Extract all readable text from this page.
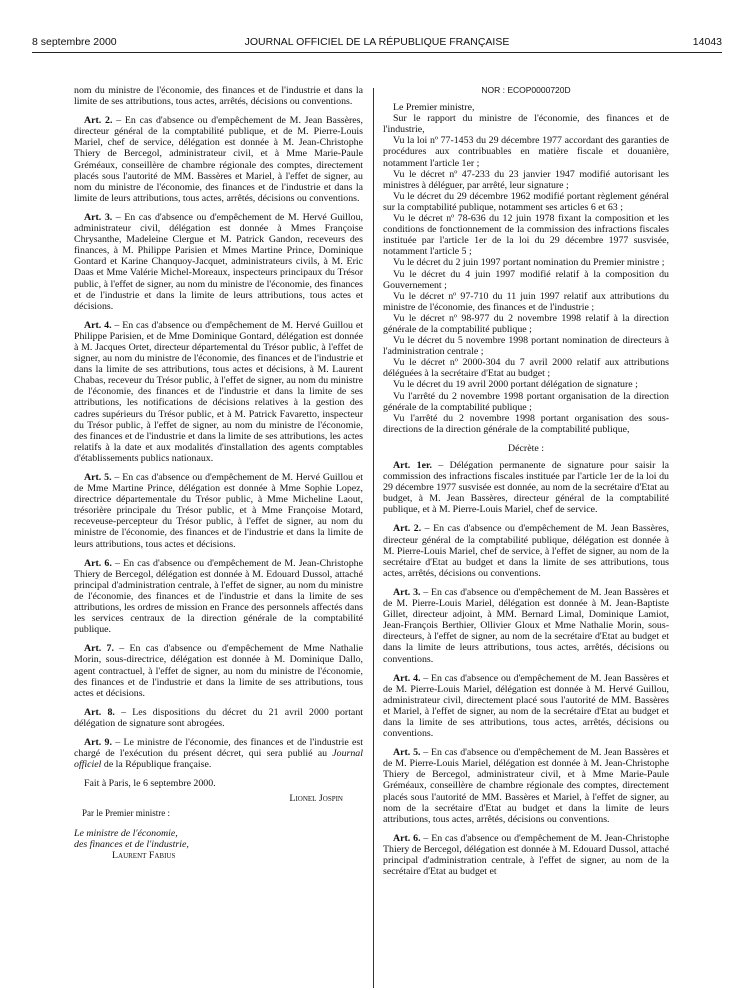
8 septembre 2000	JOURNAL OFFICIEL DE LA RÉPUBLIQUE FRANÇAISE	14043

nom du ministre de l'économie, des finances et de l'industrie et dans la limite de ses attributions, tous actes, arrêtés, décisions ou conventions.

Art. 2. – En cas d'absence ou d'empêchement de M. Jean Bassères, directeur général de la comptabilité publique, et de M. Pierre-Louis Mariel, chef de service, délégation est donnée à M. Jean-Christophe Thiery de Bercegol, administrateur civil, et à Mme Marie-Paule Gréméaux, conseillère de chambre régionale des comptes, directement placés sous l'autorité de MM. Bassères et Mariel, à l'effet de signer, au nom du ministre de l'économie, des finances et de l'industrie et dans la limite de leurs attributions, tous actes, arrêtés, décisions ou conventions.

Art. 3. – En cas d'absence ou d'empêchement de M. Hervé Guillou, administrateur civil, délégation est donnée à Mmes Françoise Chrysanthe, Madeleine Clergue et M. Patrick Gandon, receveurs des finances, à M. Philippe Parisien et Mmes Martine Prince, Dominique Gontard et Karine Chanquoy-Jacquet, administrateurs civils, à M. Eric Daas et Mme Valérie Michel-Moreaux, inspecteurs principaux du Trésor public, à l'effet de signer, au nom du ministre de l'économie, des finances et de l'industrie et dans la limite de leurs attributions, tous actes et décisions.

Art. 4. – En cas d'absence ou d'empêchement de M. Hervé Guillou et Philippe Parisien, et de Mme Dominique Gontard, délégation est donnée à M. Jacques Ortet, directeur départemental du Trésor public, à l'effet de signer, au nom du ministre de l'économie, des finances et de l'industrie et dans la limite de ses attributions, tous actes et décisions, à M. Laurent Chabas, receveur du Trésor public, à l'effet de signer, au nom du ministre de l'économie, des finances et de l'industrie et dans la limite de ses attributions, les notifications de décisions relatives à la gestion des cadres supérieurs du Trésor public, et à M. Patrick Favaretto, inspecteur du Trésor public, à l'effet de signer, au nom du ministre de l'économie, des finances et de l'industrie et dans la limite de ses attributions, les actes relatifs à la date et aux modalités d'installation des agents comptables d'établissements publics nationaux.

Art. 5. – En cas d'absence ou d'empêchement de M. Hervé Guillou et de Mme Martine Prince, délégation est donnée à Mme Sophie Lopez, directrice départementale du Trésor public, à Mme Micheline Laout, trésorière principale du Trésor public, et à Mme Françoise Motard, receveuse-percepteur du Trésor public, à l'effet de signer, au nom du ministre de l'économie, des finances et de l'industrie et dans la limite de leurs attributions, tous actes et décisions.

Art. 6. – En cas d'absence ou d'empêchement de M. Jean-Christophe Thiery de Bercegol, délégation est donnée à M. Edouard Dussol, attaché principal d'administration centrale, à l'effet de signer, au nom du ministre de l'économie, des finances et de l'industrie et dans la limite de ses attributions, les ordres de mission en France des personnels affectés dans les services centraux de la direction générale de la comptabilité publique.

Art. 7. – En cas d'absence ou d'empêchement de Mme Nathalie Morin, sous-directrice, délégation est donnée à M. Dominique Dallo, agent contractuel, à l'effet de signer, au nom du ministre de l'économie, des finances et de l'industrie et dans la limite de ses attributions, tous actes et décisions.

Art. 8. – Les dispositions du décret du 21 avril 2000 portant délégation de signature sont abrogées.

Art. 9. – Le ministre de l'économie, des finances et de l'industrie est chargé de l'exécution du présent décret, qui sera publié au Journal officiel de la République française.

Fait à Paris, le 6 septembre 2000.

Lionel Jospin

Par le Premier ministre :

Le ministre de l'économie,

des finances et de l'industrie,

Laurent Fabius

NOR : ECOP0000720D

Le Premier ministre,

Sur le rapport du ministre de l'économie, des finances et de l'industrie,

Vu la loi nº 77-1453 du 29 décembre 1977 accordant des garanties de procédures aux contribuables en matière fiscale et douanière, notamment l'article 1er ;

Vu le décret nº 47-233 du 23 janvier 1947 modifié autorisant les ministres à déléguer, par arrêté, leur signature ;

Vu le décret du 29 décembre 1962 modifié portant règlement général sur la comptabilité publique, notamment ses articles 6 et 63 ;

Vu le décret nº 78-636 du 12 juin 1978 fixant la composition et les conditions de fonctionnement de la commission des infractions fiscales instituée par l'article 1er de la loi du 29 décembre 1977 susvisée, notamment l'article 5 ;

Vu le décret du 2 juin 1997 portant nomination du Premier ministre ;

Vu le décret du 4 juin 1997 modifié relatif à la composition du Gouvernement ;

Vu le décret nº 97-710 du 11 juin 1997 relatif aux attributions du ministre de l'économie, des finances et de l'industrie ;

Vu le décret nº 98-977 du 2 novembre 1998 relatif à la direction générale de la comptabilité publique ;

Vu le décret du 5 novembre 1998 portant nomination de directeurs à l'administration centrale ;

Vu le décret nº 2000-304 du 7 avril 2000 relatif aux attributions déléguées à la secrétaire d'Etat au budget ;

Vu le décret du 19 avril 2000 portant délégation de signature ;

Vu l'arrêté du 2 novembre 1998 portant organisation de la direction générale de la comptabilité publique ;

Vu l'arrêté du 2 novembre 1998 portant organisation des sous-directions de la direction générale de la comptabilité publique,

Décrète :

Art. 1er. – Délégation permanente de signature pour saisir la commission des infractions fiscales instituée par l'article 1er de la loi du 29 décembre 1977 susvisée est donnée, au nom de la secrétaire d'Etat au budget, à M. Jean Bassères, directeur général de la comptabilité publique, et à M. Pierre-Louis Mariel, chef de service.

Art. 2. – En cas d'absence ou d'empêchement de M. Jean Bassères, directeur général de la comptabilité publique, délégation est donnée à M. Pierre-Louis Mariel, chef de service, à l'effet de signer, au nom de la secrétaire d'Etat au budget et dans la limite de ses attributions, tous actes, arrêtés, décisions ou conventions.

Art. 3. – En cas d'absence ou d'empêchement de M. Jean Bassères et de M. Pierre-Louis Mariel, délégation est donnée à M. Jean-Baptiste Gillet, directeur adjoint, à MM. Bernard Limal, Dominique Lamiot, Jean-François Berthier, Ollivier Gloux et Mme Nathalie Morin, sous-directeurs, à l'effet de signer, au nom de la secrétaire d'Etat au budget et dans la limite de leurs attributions, tous actes, arrêtés, décisions ou conventions.

Art. 4. – En cas d'absence ou d'empêchement de M. Jean Bassères et de M. Pierre-Louis Mariel, délégation est donnée à M. Hervé Guillou, administrateur civil, directement placé sous l'autorité de MM. Bassères et Mariel, à l'effet de signer, au nom de la secrétaire d'Etat au budget et dans la limite de ses attributions, tous actes, arrêtés, décisions ou conventions.

Art. 5. – En cas d'absence ou d'empêchement de M. Jean Bassères et de M. Pierre-Louis Mariel, délégation est donnée à M. Jean-Christophe Thiery de Bercegol, administrateur civil, et à Mme Marie-Paule Gréméaux, conseillère de chambre régionale des comptes, directement placés sous l'autorité de MM. Bassères et Mariel, à l'effet de signer, au nom de la secrétaire d'Etat au budget et dans la limite de leurs attributions, tous actes, arrêtés, décisions ou conventions.

Art. 6. – En cas d'absence ou d'empêchement de M. Jean-Christophe Thiery de Bercegol, délégation est donnée à M. Edouard Dussol, attaché principal d'administration centrale, à l'effet de signer, au nom de la secrétaire d'Etat au budget et
